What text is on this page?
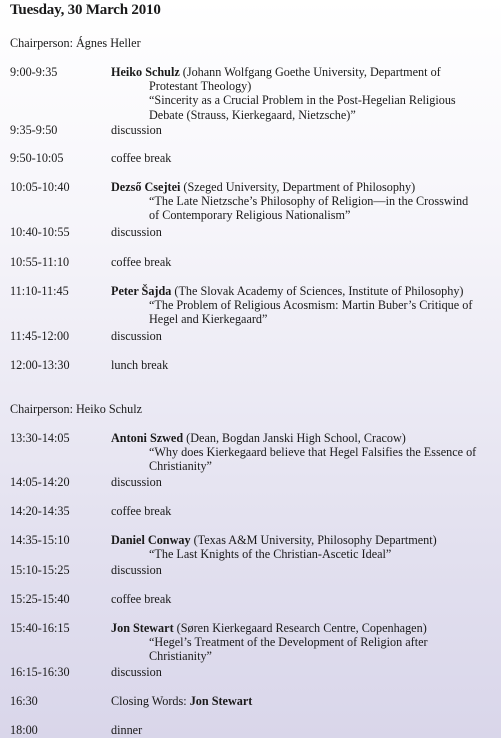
Tuesday, 30 March 2010
Chairperson: Ágnes Heller
9:00-9:35	Heiko Schulz (Johann Wolfgang Goethe University, Department of
Protestant Theology)
“Sincerity as a Crucial Problem in the Post-Hegelian Religious
Debate (Strauss, Kierkegaard, Nietzsche)”
9:35-9:50	discussion
9:50-10:05	coffee break
10:05-10:40	Dezső Csejtei (Szeged University, Department of Philosophy)
“The Late Nietzsche’s Philosophy of Religion—in the Crosswind
of Contemporary Religious Nationalism”
10:40-10:55	discussion
10:55-11:10	coffee break
11:10-11:45	Peter Šajda (The Slovak Academy of Sciences, Institute of Philosophy)
“The Problem of Religious Acosmism: Martin Buber’s Critique of
Hegel and Kierkegaard”
11:45-12:00	discussion
12:00-13:30	lunch break
Chairperson: Heiko Schulz
13:30-14:05	Antoni Szwed (Dean, Bogdan Janski High School, Cracow)
“Why does Kierkegaard believe that Hegel Falsifies the Essence of
Christianity”
14:05-14:20	discussion
14:20-14:35	coffee break
14:35-15:10	Daniel Conway (Texas A&M University, Philosophy Department)
“The Last Knights of the Christian-Ascetic Ideal”
15:10-15:25	discussion
15:25-15:40	coffee break
15:40-16:15	Jon Stewart (Søren Kierkegaard Research Centre, Copenhagen)
“Hegel’s Treatment of the Development of Religion after
Christianity”
16:15-16:30	discussion
16:30	Closing Words: Jon Stewart
18:00	dinner
